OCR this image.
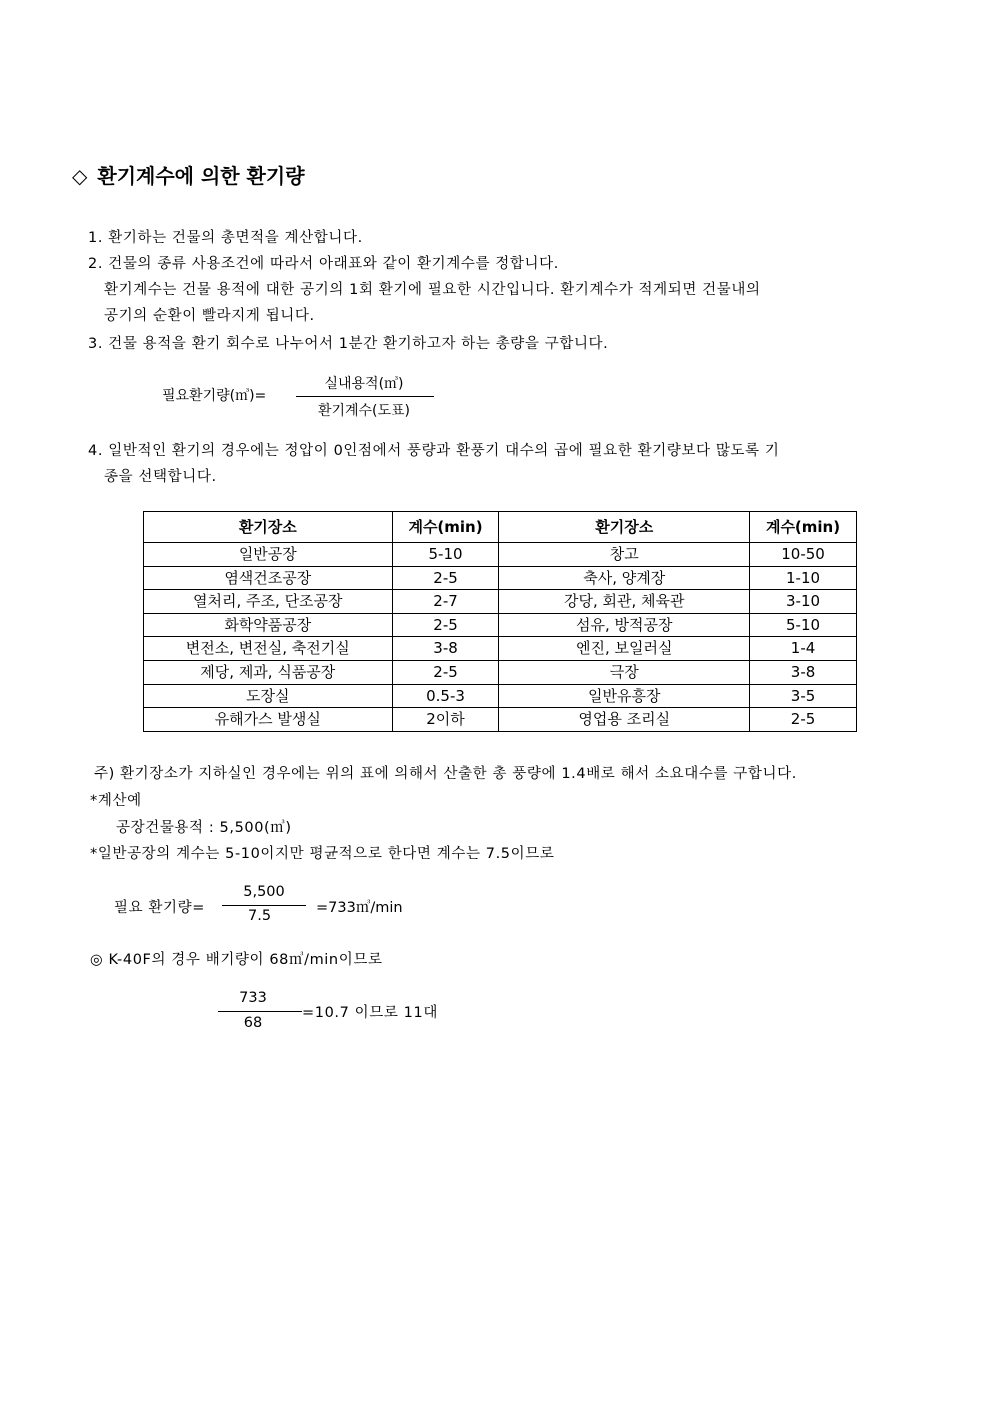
◇ 환기계수에 의한 환기량
1. 환기하는 건물의 총면적을 계산합니다.
2. 건물의 종류 사용조건에 따라서 아래표와 같이 환기계수를 정합니다.
환기계수는 건물 용적에 대한 공기의 1회 환기에 필요한 시간입니다. 환기계수가 적게되면 건물내의
공기의 순환이 빨라지게 됩니다.
3. 건물 용적을 환기 회수로 나누어서 1분간 환기하고자 하는 총량을 구합니다.
필요환기량(㎥)=
실내용적(㎥)
환기계수(도표)
4. 일반적인 환기의 경우에는 정압이 0인점에서 풍량과 환풍기 대수의 곱에 필요한 환기량보다 많도록 기
종을 선택합니다.
환기장소	계수(min)	환기장소	계수(min)
일반공장	5-10	창고	10-50
염색건조공장	2-5	축사, 양계장	1-10
열처리, 주조, 단조공장	2-7	강당, 회관, 체육관	3-10
화학약품공장	2-5	섬유, 방적공장	5-10
변전소, 변전실, 축전기실	3-8	엔진, 보일러실	1-4
제당, 제과, 식품공장	2-5	극장	3-8
도장실	0.5-3	일반유흥장	3-5
유해가스 발생실	2이하	영업용 조리실	2-5
주) 환기장소가 지하실인 경우에는 위의 표에 의해서 산출한 총 풍량에 1.4배로 해서 소요대수를 구합니다.
*계산예
공장건물용적 : 5,500(㎥)
*일반공장의 계수는 5-10이지만 평균적으로 한다면 계수는 7.5이므로
필요 환기량=
5,500
7.5	=733㎥/min
◎ K-40F의 경우 배기량이 68㎥/min이므로
733
68
=10.7 이므로 11대
